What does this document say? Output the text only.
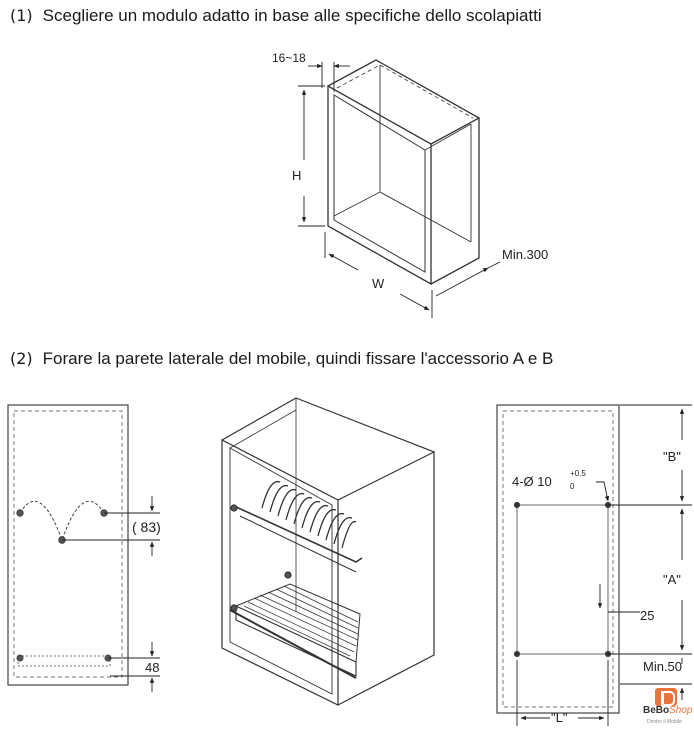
(1) Scegliere un modulo adatto in base alle specifiche dello scolapiatti
(2) Forare la parete laterale del mobile, quindi fissare l'accessorio A e B
16~18
H
W
Min.300
( 83)
48
4-Ø 10
+0.5
0
"B"
"A"
25
Min.50
"L"	BeBoShop
Dentro il Mobile
